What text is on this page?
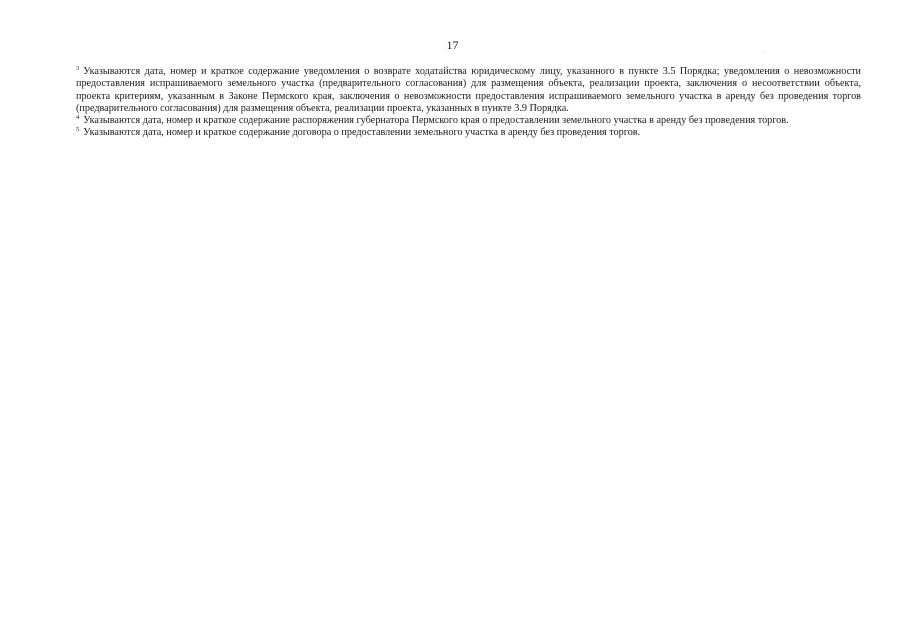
17	.

$^3$ Указываются дата, номер и краткое содержание уведомления о возврате ходатайства юридическому лицу, указанного в пункте 3.5 Порядка; уведомления о невозможности предоставления испрашиваемого земельного участка (предварительного согласования) для размещения объекта, реализации проекта, заключения о несоответствии объекта, проекта критериям, указанным в Законе Пермского края, заключения о невозможности предоставления испрашиваемого земельного участка в аренду без проведения торгов (предварительного согласования) для размещения объекта, реализации проекта, указанных в пункте 3.9 Порядка.

$^4$ Указываются дата, номер и краткое содержание распоряжения губернатора Пермского края о предоставлении земельного участка в аренду без проведения торгов.

$^5$ Указываются дата, номер и краткое содержание договора о предоставлении земельного участка в аренду без проведения торгов.
